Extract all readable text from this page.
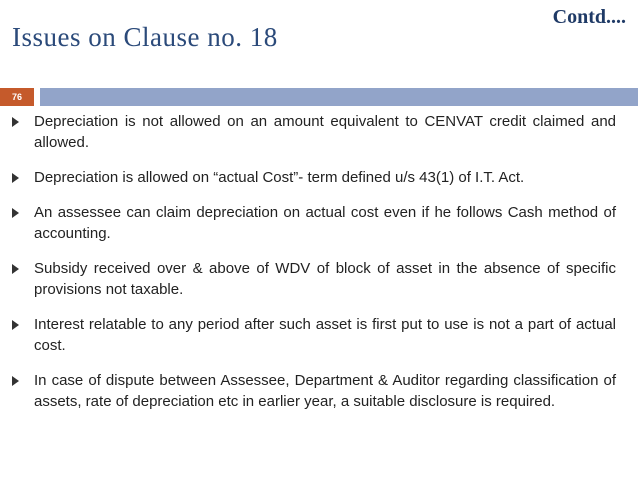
Issues on Clause no. 18
Contd....
76
Depreciation is not allowed on an amount equivalent to CENVAT credit claimed and allowed.
Depreciation is allowed on “actual Cost”- term defined u/s 43(1) of I.T. Act.
An assessee can claim depreciation on actual cost even if he follows Cash method of accounting.
Subsidy received over & above of WDV of block of asset in the absence of specific provisions not taxable.
Interest relatable to any period after such asset is first put to use is not a part of actual cost.
In case of dispute between Assessee, Department & Auditor regarding classification of assets, rate of depreciation etc in earlier year, a suitable disclosure is required.
